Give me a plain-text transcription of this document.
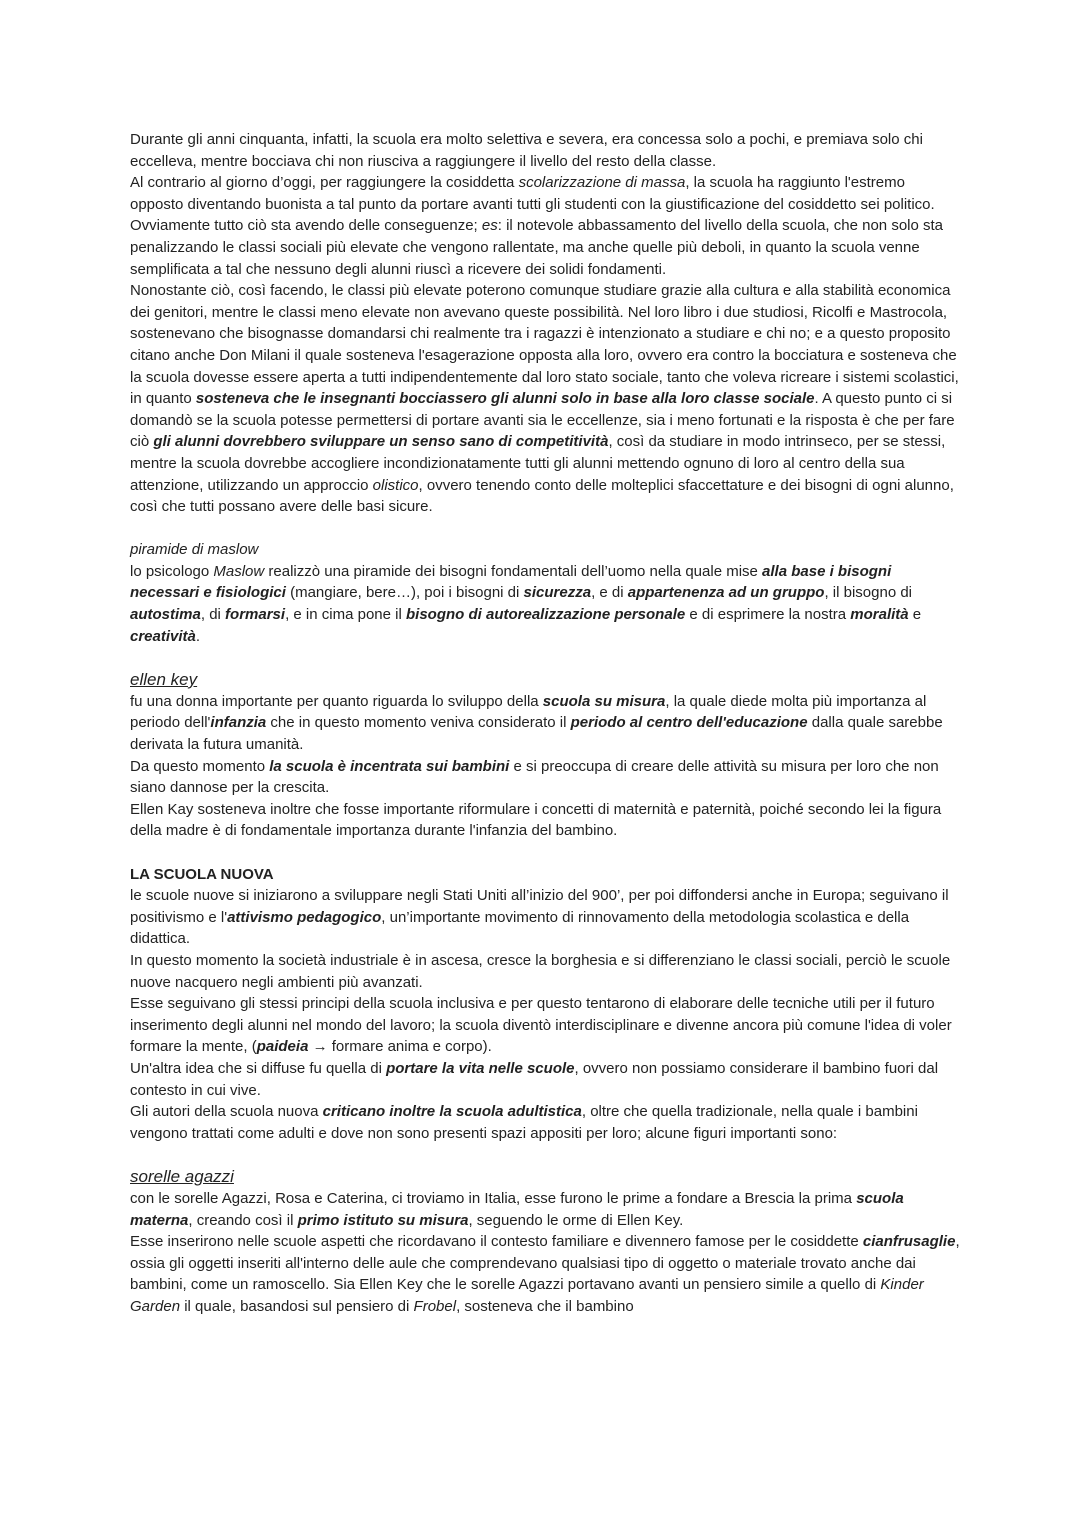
Durante gli anni cinquanta, infatti, la scuola era molto selettiva e severa, era concessa solo a pochi, e premiava solo chi eccelleva, mentre bocciava chi non riusciva a raggiungere il livello del resto della classe.

Al contrario al giorno d’oggi, per raggiungere la cosiddetta scolarizzazione di massa, la scuola ha raggiunto l'estremo opposto diventando buonista a tal punto da portare avanti tutti gli studenti con la giustificazione del cosiddetto sei politico. Ovviamente tutto ciò sta avendo delle conseguenze; es: il notevole abbassamento del livello della scuola, che non solo sta penalizzando le classi sociali più elevate che vengono rallentate, ma anche quelle più deboli, in quanto la scuola venne semplificata a tal che nessuno degli alunni riuscì a ricevere dei solidi fondamenti.

Nonostante ciò, così facendo, le classi più elevate poterono comunque studiare grazie alla cultura e alla stabilità economica dei genitori, mentre le classi meno elevate non avevano queste possibilità. Nel loro libro i due studiosi, Ricolfi e Mastrocola, sostenevano che bisognasse domandarsi chi realmente tra i ragazzi è intenzionato a studiare e chi no; e a questo proposito citano anche Don Milani il quale sosteneva l'esagerazione opposta alla loro, ovvero era contro la bocciatura e sosteneva che la scuola dovesse essere aperta a tutti indipendentemente dal loro stato sociale, tanto che voleva ricreare i sistemi scolastici, in quanto sosteneva che le insegnanti bocciassero gli alunni solo in base alla loro classe sociale. A questo punto ci si domandò se la scuola potesse permettersi di portare avanti sia le eccellenze, sia i meno fortunati e la risposta è che per fare ciò gli alunni dovrebbero sviluppare un senso sano di competitività, così da studiare in modo intrinseco, per se stessi, mentre la scuola dovrebbe accogliere incondizionatamente tutti gli alunni mettendo ognuno di loro al centro della sua attenzione, utilizzando un approccio olistico, ovvero tenendo conto delle molteplici sfaccettature e dei bisogni di ogni alunno, così che tutti possano avere delle basi sicure.

piramide di maslow

lo psicologo Maslow realizzò una piramide dei bisogni fondamentali dell’uomo nella quale mise alla base i bisogni necessari e fisiologici (mangiare, bere…), poi i bisogni di sicurezza, e di appartenenza ad un gruppo, il bisogno di autostima, di formarsi, e in cima pone il bisogno di autorealizzazione personale e di esprimere la nostra moralità e creatività.

ellen key

fu una donna importante per quanto riguarda lo sviluppo della scuola su misura, la quale diede molta più importanza al periodo dell'infanzia che in questo momento veniva considerato il periodo al centro dell'educazione dalla quale sarebbe derivata la futura umanità.

Da questo momento la scuola è incentrata sui bambini e si preoccupa di creare delle attività su misura per loro che non siano dannose per la crescita.

Ellen Kay sosteneva inoltre che fosse importante riformulare i concetti di maternità e paternità, poiché secondo lei la figura della madre è di fondamentale importanza durante l'infanzia del bambino.

LA SCUOLA NUOVA

le scuole nuove si iniziarono a sviluppare negli Stati Uniti all’inizio del 900’, per poi diffondersi anche in Europa; seguivano il positivismo e l'attivismo pedagogico, un’importante movimento di rinnovamento della metodologia scolastica e della didattica.

In questo momento la società industriale è in ascesa, cresce la borghesia e si differenziano le classi sociali, perciò le scuole nuove nacquero negli ambienti più avanzati.

Esse seguivano gli stessi principi della scuola inclusiva e per questo tentarono di elaborare delle tecniche utili per il futuro inserimento degli alunni nel mondo del lavoro; la scuola diventò interdisciplinare e divenne ancora più comune l'idea di voler formare la mente, (paideia → formare anima e corpo).

Un'altra idea che si diffuse fu quella di portare la vita nelle scuole, ovvero non possiamo considerare il bambino fuori dal contesto in cui vive.

Gli autori della scuola nuova criticano inoltre la scuola adultistica, oltre che quella tradizionale, nella quale i bambini vengono trattati come adulti e dove non sono presenti spazi appositi per loro; alcune figuri importanti sono:

sorelle agazzi

con le sorelle Agazzi, Rosa e Caterina, ci troviamo in Italia, esse furono le prime a fondare a Brescia la prima scuola materna, creando così il primo istituto su misura, seguendo le orme di Ellen Key.

Esse inserirono nelle scuole aspetti che ricordavano il contesto familiare e divennero famose per le cosiddette cianfrusaglie, ossia gli oggetti inseriti all'interno delle aule che comprendevano qualsiasi tipo di oggetto o materiale trovato anche dai bambini, come un ramoscello. Sia Ellen Key che le sorelle Agazzi portavano avanti un pensiero simile a quello di Kinder Garden il quale, basandosi sul pensiero di Frobel, sosteneva che il bambino
